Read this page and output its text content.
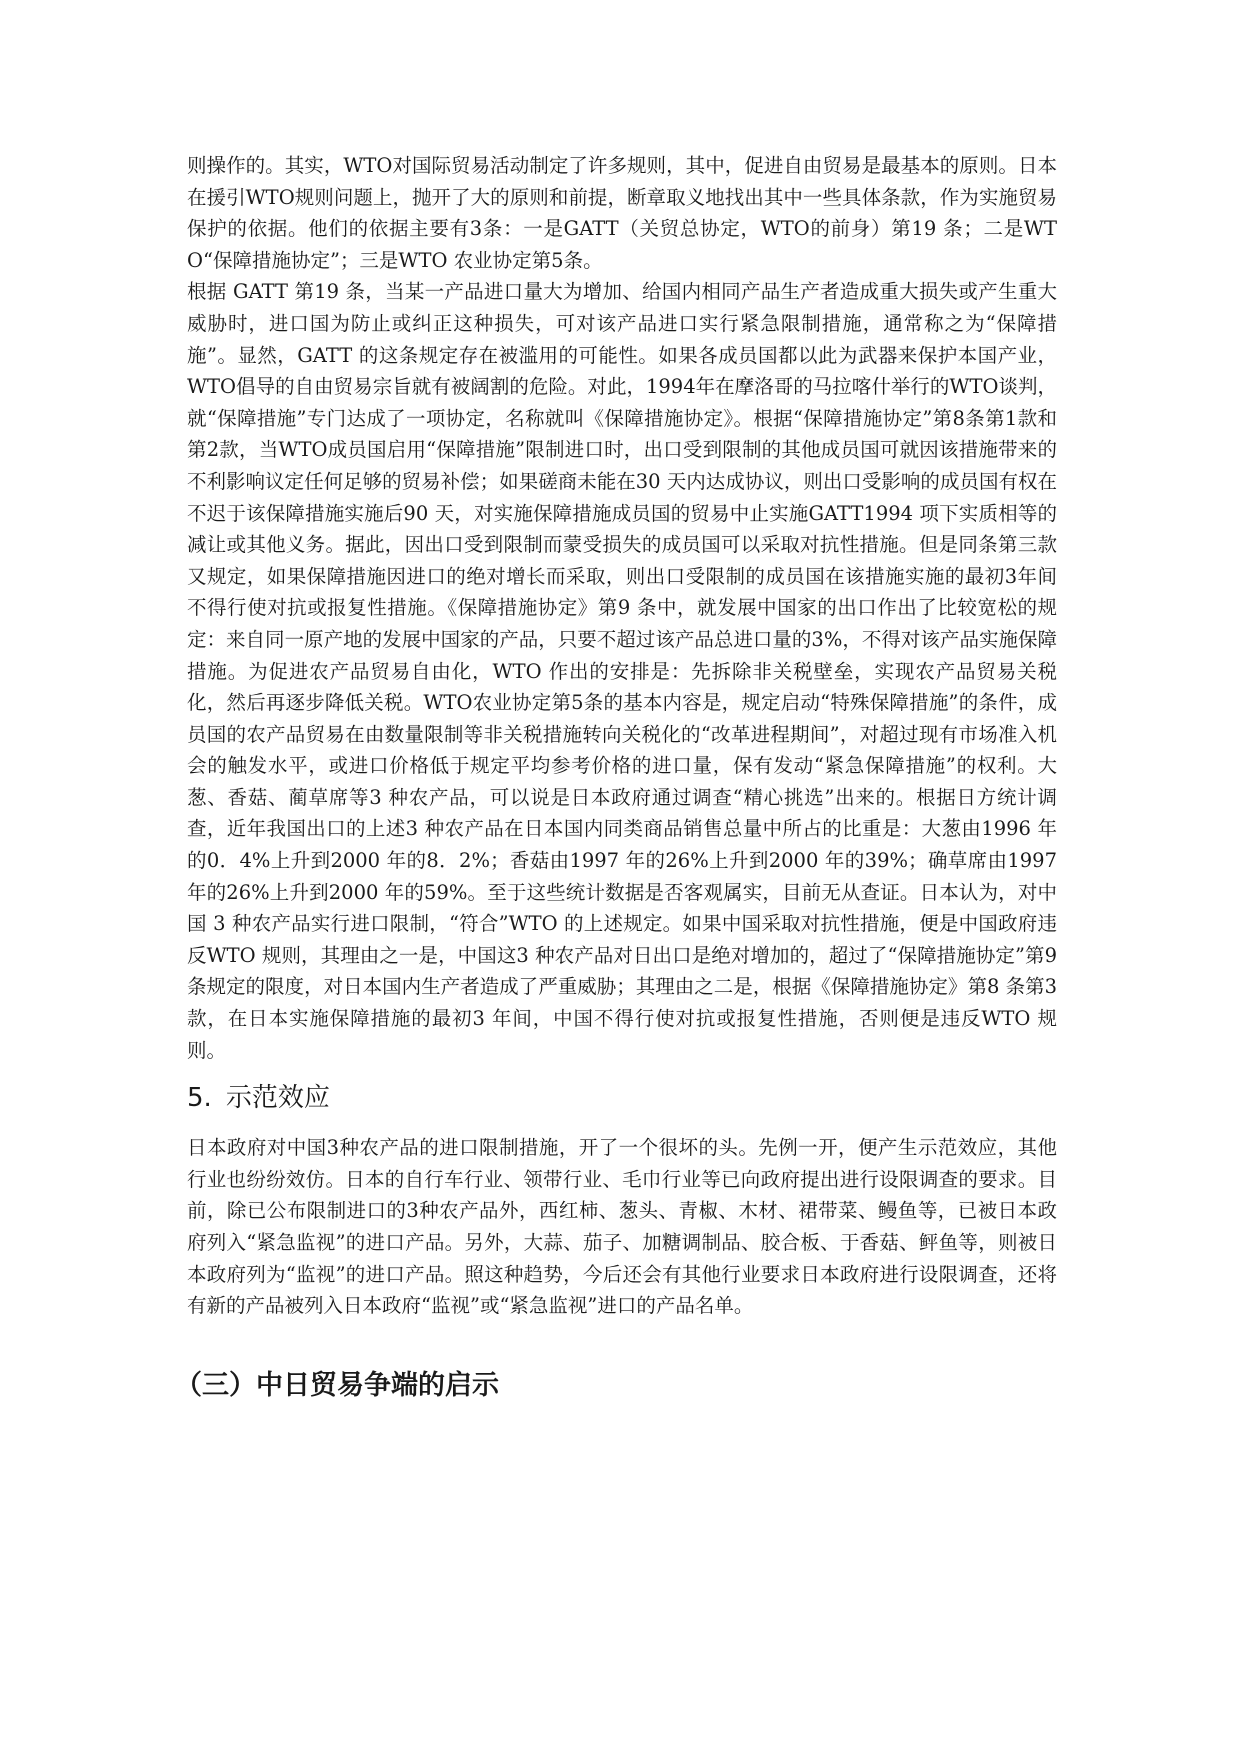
则操作的。其实，WTO对国际贸易活动制定了许多规则，其中，促进自由贸易是最基本的原则。日本在援引WTO规则问题上，抛开了大的原则和前提，断章取义地找出其中一些具体条款，作为实施贸易保护的依据。他们的依据主要有3条：一是GATT（关贸总协定，WTO的前身）第19 条；二是WTO“保障措施协定”；三是WTO 农业协定第5条。

根据 GATT 第19 条，当某一产品进口量大为增加、给国内相同产品生产者造成重大损失或产生重大威胁时，进口国为防止或纠正这种损失，可对该产品进口实行紧急限制措施，通常称之为“保障措施”。显然，GATT 的这条规定存在被滥用的可能性。如果各成员国都以此为武器来保护本国产业，WTO倡导的自由贸易宗旨就有被阔割的危险。对此，1994年在摩洛哥的马拉喀什举行的WTO谈判，就“保障措施”专门达成了一项协定，名称就叫《保障措施协定》。根据“保障措施协定”第8条第1款和第2款，当WTO成员国启用“保障措施”限制进口时，出口受到限制的其他成员国可就因该措施带来的不利影响议定任何足够的贸易补偿；如果磋商未能在30 天内达成协议，则出口受影响的成员国有权在不迟于该保障措施实施后90 天，对实施保障措施成员国的贸易中止实施GATT1994 项下实质相等的减让或其他义务。据此，因出口受到限制而蒙受损失的成员国可以采取对抗性措施。但是同条第三款又规定，如果保障措施因进口的绝对增长而采取，则出口受限制的成员国在该措施实施的最初3年间不得行使对抗或报复性措施。《保障措施协定》第9 条中，就发展中国家的出口作出了比较宽松的规定：来自同一原产地的发展中国家的产品，只要不超过该产品总进口量的3%，不得对该产品实施保障措施。为促进农产品贸易自由化，WTO 作出的安排是：先拆除非关税壁垒，实现农产品贸易关税化，然后再逐步降低关税。WTO农业协定第5条的基本内容是，规定启动“特殊保障措施”的条件，成员国的农产品贸易在由数量限制等非关税措施转向关税化的“改革进程期间”，对超过现有市场准入机会的触发水平，或进口价格低于规定平均参考价格的进口量，保有发动“紧急保障措施”的权利。大葱、香菇、蔺草席等3 种农产品，可以说是日本政府通过调查“精心挑选”出来的。根据日方统计调查，近年我国出口的上述3 种农产品在日本国内同类商品销售总量中所占的比重是：大葱由1996 年的0．4%上升到2000 年的8．2%；香菇由1997 年的26%上升到2000 年的39%；确草席由1997 年的26%上升到2000 年的59%。至于这些统计数据是否客观属实，目前无从查证。日本认为，对中国 3 种农产品实行进口限制，“符合”WTO 的上述规定。如果中国采取对抗性措施，便是中国政府违反WTO 规则，其理由之一是，中国这3 种农产品对日出口是绝对增加的，超过了“保障措施协定”第9条规定的限度，对日本国内生产者造成了严重威胁；其理由之二是，根据《保障措施协定》第8 条第3 款，在日本实施保障措施的最初3 年间，中国不得行使对抗或报复性措施，否则便是违反WTO 规则。

5. 示范效应

日本政府对中国3种农产品的进口限制措施，开了一个很坏的头。先例一开，便产生示范效应，其他行业也纷纷效仿。日本的自行车行业、领带行业、毛巾行业等已向政府提出进行设限调查的要求。目前，除已公布限制进口的3种农产品外，西红柿、葱头、青椒、木材、裙带菜、鳗鱼等，已被日本政府列入“紧急监视”的进口产品。另外，大蒜、茄子、加糖调制品、胶合板、于香菇、鲆鱼等，则被日本政府列为“监视”的进口产品。照这种趋势，今后还会有其他行业要求日本政府进行设限调查，还将有新的产品被列入日本政府“监视”或“紧急监视”进口的产品名单。

（三）中日贸易争端的启示
